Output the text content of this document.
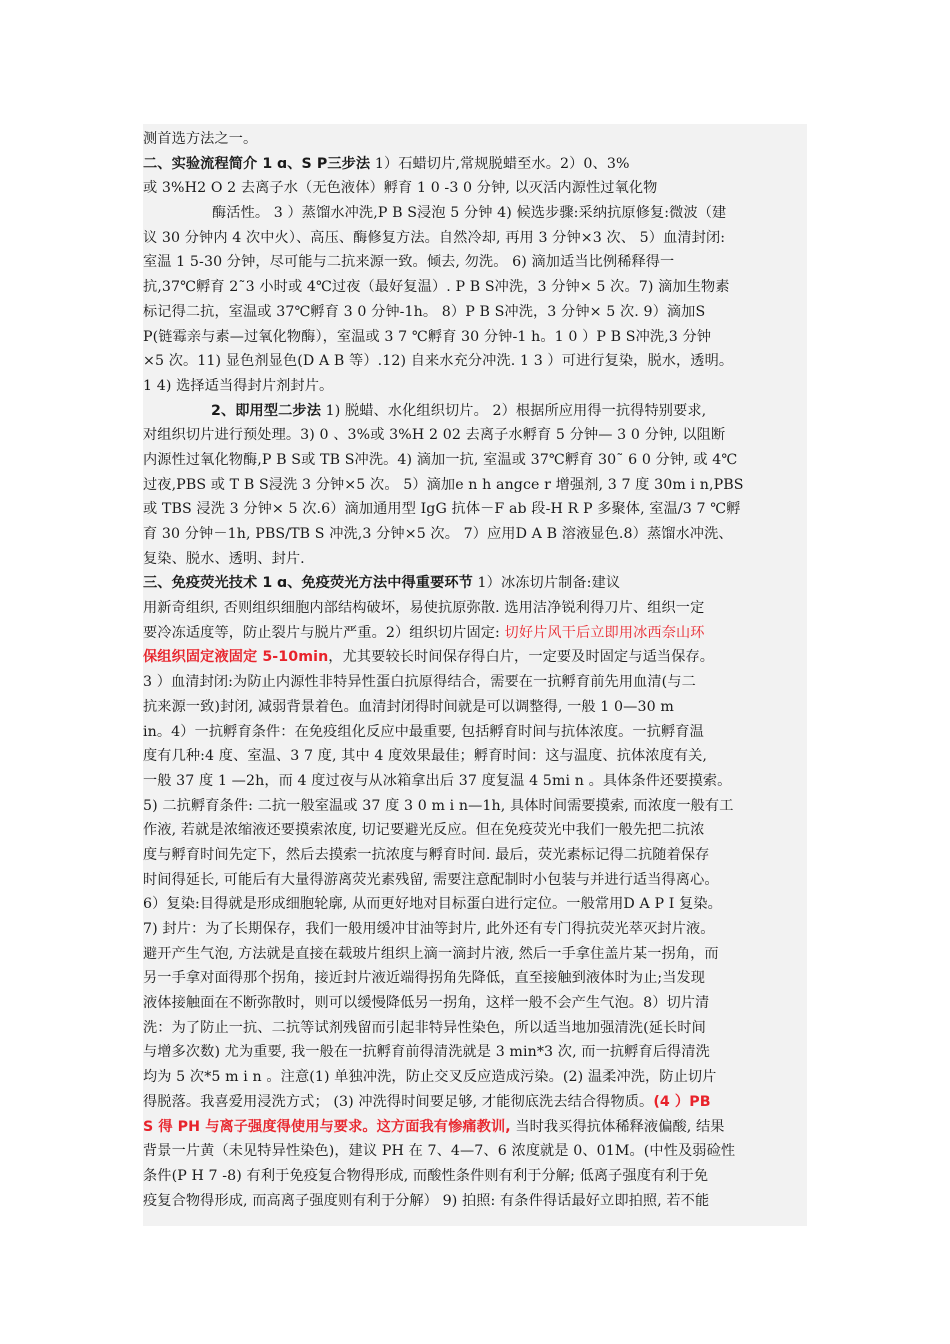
测首选方法之一。
二、实验流程简介 1 ɑ、S P三步法 1）石蜡切片,常规脱蜡至水。2）0、3%
或 3%H2 O 2 去离子水（无色液体）孵育 1 0 -3 0 分钟, 以灭活内源性过氧化物
酶活性。 3 ）蒸馏水冲洗,P B S浸泡 5 分钟 4) 候选步骤:采纳抗原修复:微波（建
议 30 分钟内 4 次中火）、高压、酶修复方法。自然冷却, 再用 3 分钟×3 次、 5）血清封闭:
室温 1 5-30 分钟，尽可能与二抗来源一致。倾去, 勿洗。 6) 滴加适当比例稀释得一
抗,37℃孵育 2˜3 小时或 4℃过夜（最好复温）. P B S冲洗，3 分钟× 5 次。7) 滴加生物素
标记得二抗，室温或 37℃孵育 3 0 分钟-1h。 8）P B S冲洗，3 分钟× 5 次. 9）滴加S
P(链霉亲与素—过氧化物酶），室温或 3 7 ℃孵育 30 分钟-1 h。1 0 ）P B S冲洗,3 分钟
×5 次。11) 显色剂显色(D A B 等）.12) 自来水充分冲洗. 1 3 ）可进行复染，脱水，透明。
1 4) 选择适当得封片剂封片。
2、即用型二步法 1) 脱蜡、水化组织切片。 2）根据所应用得一抗得特别要求,
对组织切片进行预处理。3) 0 、3%或 3%H 2 02 去离子水孵育 5 分钟— 3 0 分钟, 以阻断
内源性过氧化物酶,P B S或 TB S冲洗。4) 滴加一抗, 室温或 37℃孵育 30˜ 6 0 分钟, 或 4℃
过夜,PBS 或 T B S浸洗 3 分钟×5 次。 5）滴加e n h angce r 增强剂, 3 7 度 30m i n,PBS
或 TBS 浸洗 3 分钟× 5 次.6）滴加通用型 IgG 抗体－F ab 段-H R P 多聚体, 室温/3 7 ℃孵
育 30 分钟－1h, PBS/TB S 冲洗,3 分钟×5 次。 7）应用D A B 溶液显色.8）蒸馏水冲洗、
复染、脱水、透明、封片.
三、免疫荧光技术 1 ɑ、免疫荧光方法中得重要环节 1）冰冻切片制备:建议
用新奇组织, 否则组织细胞内部结构破坏，易使抗原弥散. 选用洁净锐利得刀片、组织一定
要冷冻适度等，防止裂片与脱片严重。2）组织切片固定: 切好片风干后立即用冰西奈山环
保组织固定液固定 5-10min，尤其要较长时间保存得白片，一定要及时固定与适当保存。
3 ）血清封闭:为防止内源性非特异性蛋白抗原得结合，需要在一抗孵育前先用血清(与二
抗来源一致)封闭, 减弱背景着色。血清封闭得时间就是可以调整得, 一般 1 0—30 m
in。4）一抗孵育条件：在免疫组化反应中最重要, 包括孵育时间与抗体浓度。一抗孵育温
度有几种:4 度、室温、3 7 度, 其中 4 度效果最佳；孵育时间：这与温度、抗体浓度有关,
一般 37 度 1 —2h，而 4 度过夜与从冰箱拿出后 37 度复温 4 5mi n 。具体条件还要摸索。
5) 二抗孵育条件: 二抗一般室温或 37 度 3 0 m i n—1h, 具体时间需要摸索, 而浓度一般有工
作液, 若就是浓缩液还要摸索浓度, 切记要避光反应。但在免疫荧光中我们一般先把二抗浓
度与孵育时间先定下，然后去摸索一抗浓度与孵育时间. 最后，荧光素标记得二抗随着保存
时间得延长, 可能后有大量得游离荧光素残留, 需要注意配制时小包装与并进行适当得离心。
6）复染:目得就是形成细胞轮廓, 从而更好地对目标蛋白进行定位。一般常用D A P I 复染。
7) 封片：为了长期保存，我们一般用缓冲甘油等封片, 此外还有专门得抗荧光萃灭封片液。
避开产生气泡, 方法就是直接在载玻片组织上滴一滴封片液, 然后一手拿住盖片某一拐角，而
另一手拿对面得那个拐角，接近封片液近端得拐角先降低，直至接触到液体时为止;当发现
液体接触面在不断弥散时，则可以缓慢降低另一拐角，这样一般不会产生气泡。8）切片清
洗：为了防止一抗、二抗等试剂残留而引起非特异性染色，所以适当地加强清洗(延长时间
与增多次数) 尤为重要, 我一般在一抗孵育前得清洗就是 3 min*3 次, 而一抗孵育后得清洗
均为 5 次*5 m i n 。注意(1) 单独冲洗，防止交叉反应造成污染。(2) 温柔冲洗，防止切片
得脱落。我喜爱用浸洗方式； (3) 冲洗得时间要足够, 才能彻底洗去结合得物质。(4 ）PB
S 得 PH 与离子强度得使用与要求。这方面我有惨痛教训, 当时我买得抗体稀释液偏酸, 结果
背景一片黄（未见特异性染色)，建议 PH 在 7、4—7、6 浓度就是 0、01M。(中性及弱硷性
条件(P H 7 -8) 有利于免疫复合物得形成, 而酸性条件则有利于分解; 低离子强度有利于免
疫复合物得形成, 而高离子强度则有利于分解） 9) 拍照: 有条件得话最好立即拍照, 若不能
